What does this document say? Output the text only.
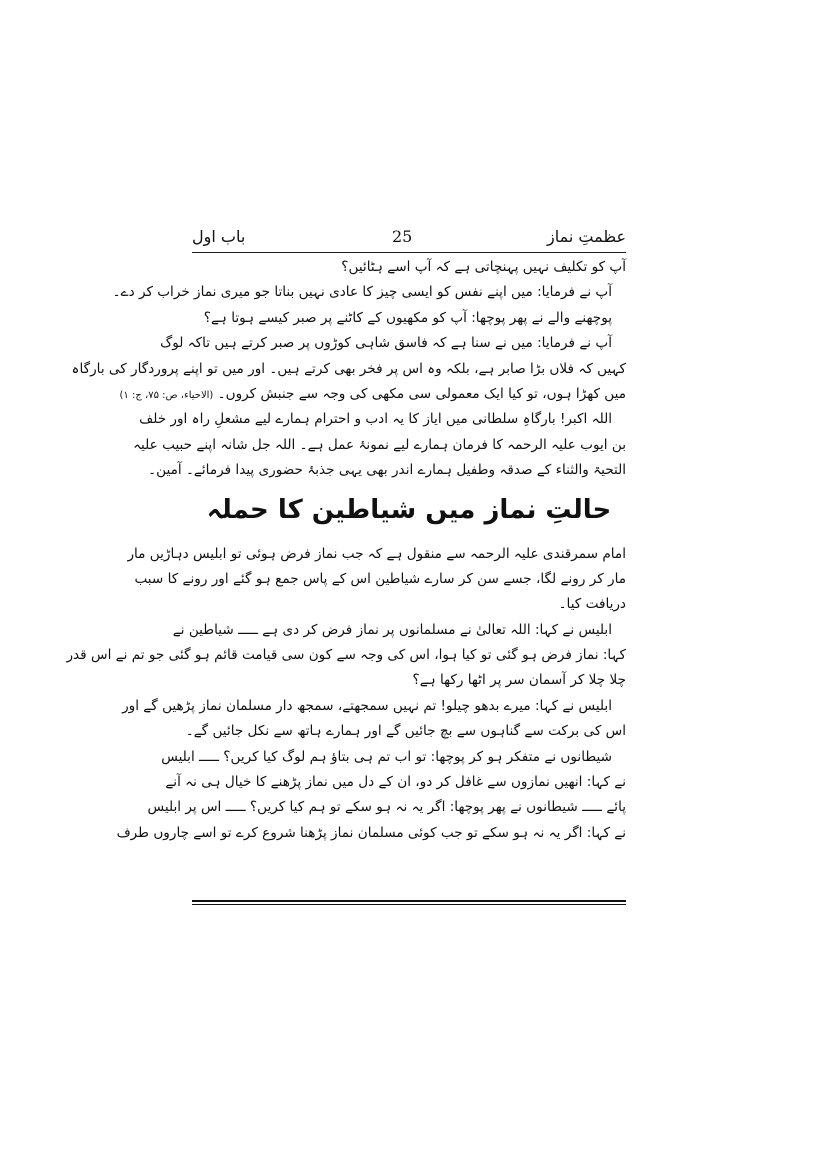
عظمتِ نماز
25
باب اول
آپ کو تکلیف نہیں پہنچاتی ہے کہ آپ اسے ہٹائیں؟
آپ نے فرمایا: میں اپنے نفس کو ایسی چیز کا عادی نہیں بناتا جو میری نماز خراب کر دے۔
پوچھنے والے نے پھر پوچھا: آپ کو مکھیوں کے کاٹنے پر صبر کیسے ہوتا ہے؟
آپ نے فرمایا: میں نے سنا ہے کہ فاسق شاہی کوڑوں پر صبر کرتے ہیں تاکہ لوگ
کہیں کہ فلاں بڑا صابر ہے، بلکہ وہ اس پر فخر بھی کرتے ہیں۔ اور میں تو اپنے پروردگار کی بارگاہ
میں کھڑا ہوں، تو کیا ایک معمولی سی مکھی کی وجہ سے جنبش کروں۔ (الاحیاء، ص: ۷۵، ج: ۱)
اللہ اکبر! بارگاہِ سلطانی میں ایاز کا یہ ادب و احترام ہمارے لیے مشعلِ راہ اور خلف
بن ایوب علیہ الرحمہ کا فرمان ہمارے لیے نمونۂ عمل ہے۔ اللہ جل شانہ اپنے حبیب علیہ
التحیۃ والثناء کے صدقہ وطفیل ہمارے اندر بھی یہی جذبۂ حضوری پیدا فرمائے۔ آمین۔
حالتِ نماز میں شیاطین کا حملہ
امام سمرقندی علیہ الرحمہ سے منقول ہے کہ جب نماز فرض ہوئی تو ابلیس دہاڑیں مار
مار کر رونے لگا، جسے سن کر سارے شیاطین اس کے پاس جمع ہو گئے اور رونے کا سبب
دریافت کیا۔
ابلیس نے کہا: اللہ تعالیٰ نے مسلمانوں پر نماز فرض کر دی ہے ـــــ شیاطین نے
کہا: نماز فرض ہو گئی تو کیا ہوا، اس کی وجہ سے کون سی قیامت قائم ہو گئی جو تم نے اس قدر
چلا چلا کر آسمان سر پر اٹھا رکھا ہے؟
ابلیس نے کہا: میرے بدھو چیلو! تم نہیں سمجھتے، سمجھ دار مسلمان نماز پڑھیں گے اور
اس کی برکت سے گناہوں سے بچ جائیں گے اور ہمارے ہاتھ سے نکل جائیں گے۔
شیطانوں نے متفکر ہو کر پوچھا: تو اب تم ہی بتاؤ ہم لوگ کیا کریں؟ ـــــ ابلیس
نے کہا: انھیں نمازوں سے غافل کر دو، ان کے دل میں نماز پڑھنے کا خیال ہی نہ آنے
پائے ـــــ شیطانوں نے پھر پوچھا: اگر یہ نہ ہو سکے تو ہم کیا کریں؟ ـــــ اس پر ابلیس
نے کہا: اگر یہ نہ ہو سکے تو جب کوئی مسلمان نماز پڑھنا شروع کرے تو اسے چاروں طرف
